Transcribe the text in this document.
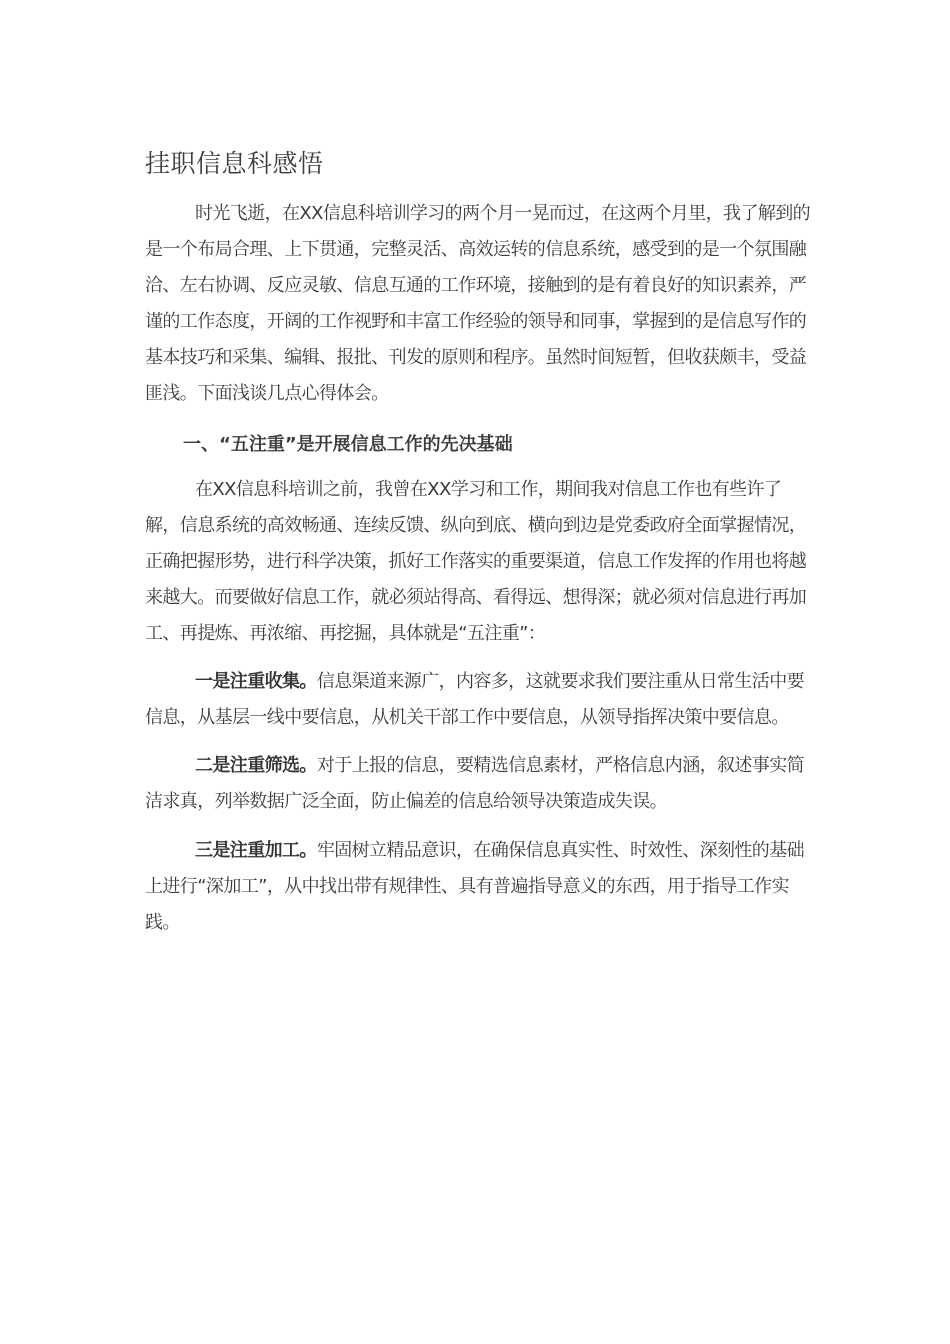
挂职信息科感悟

时光飞逝，在XX信息科培训学习的两个月一晃而过，在这两个月里，我了解到的是一个布局合理、上下贯通，完整灵活、高效运转的信息系统，感受到的是一个氛围融洽、左右协调、反应灵敏、信息互通的工作环境，接触到的是有着良好的知识素养，严谨的工作态度，开阔的工作视野和丰富工作经验的领导和同事，掌握到的是信息写作的基本技巧和采集、编辑、报批、刊发的原则和程序。虽然时间短暂，但收获颇丰，受益匪浅。下面浅谈几点心得体会。

一、“五注重”是开展信息工作的先决基础

在XX信息科培训之前，我曾在XX学习和工作，期间我对信息工作也有些许了解，信息系统的高效畅通、连续反馈、纵向到底、横向到边是党委政府全面掌握情况，正确把握形势，进行科学决策，抓好工作落实的重要渠道，信息工作发挥的作用也将越来越大。而要做好信息工作，就必须站得高、看得远、想得深；就必须对信息进行再加工、再提炼、再浓缩、再挖掘，具体就是“五注重”：

一是注重收集。信息渠道来源广，内容多，这就要求我们要注重从日常生活中要信息，从基层一线中要信息，从机关干部工作中要信息，从领导指挥决策中要信息。

二是注重筛选。对于上报的信息，要精选信息素材，严格信息内涵，叙述事实简洁求真，列举数据广泛全面，防止偏差的信息给领导决策造成失误。

三是注重加工。牢固树立精品意识，在确保信息真实性、时效性、深刻性的基础上进行“深加工”，从中找出带有规律性、具有普遍指导意义的东西，用于指导工作实践。
